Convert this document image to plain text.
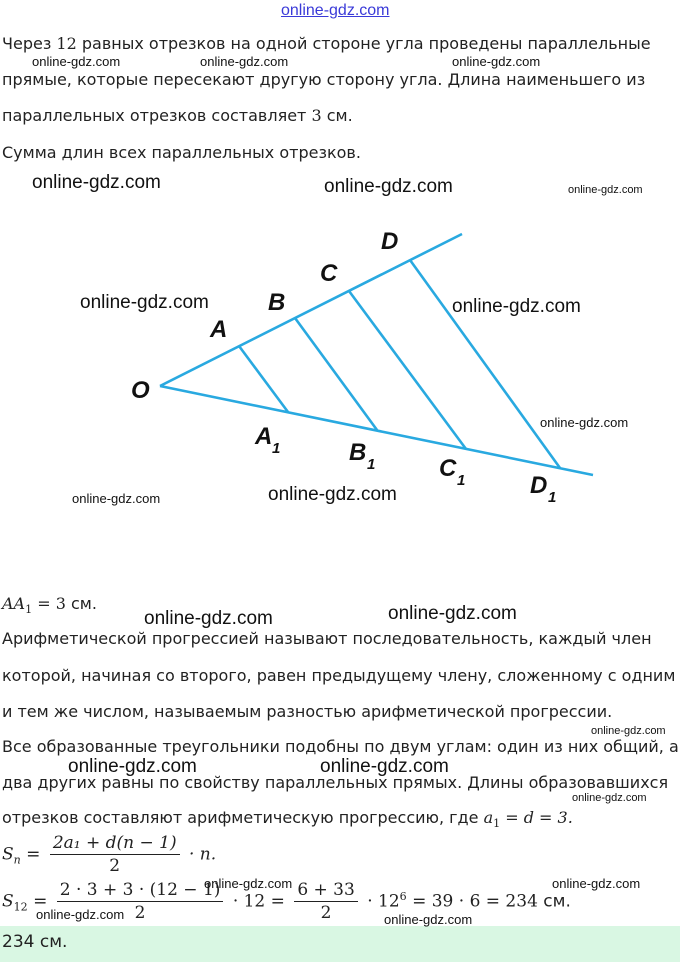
online-gdz.com
Через 12 равных отрезков на одной стороне угла проведены параллельные
прямые, которые пересекают другую сторону угла. Длина наименьшего из
параллельных отрезков составляет 3 см.
Сумма длин всех параллельных отрезков.
O
A
B
C
D
A 1	B 1	C 1	D 1
$AA_1 = 3$ см.
Арифметической прогрессией называют последовательность, каждый член
которой, начиная со второго, равен предыдущему члену, сложенному с одним
и тем же числом, называемым разностью арифметической прогрессии.
Все образованные треугольники подобны по двум углам: один из них общий, а
два других равны по свойству параллельных прямых. Длины образовавшихся
отрезков составляют арифметическую прогрессию, где $a_1 = d = 3$.
$S_n = \frac{\text{2a₁ + d(n − 1)}}{2} \cdot n$.
$S_{12} = \frac{2 \cdot 3 + 3 \cdot (12 - 1)}{2} \cdot 12 = \frac{6 + 33}{2} \cdot 12^6 = 39 \cdot 6 = 234$ см.
234 см.
online-gdz.com	online-gdz.com	online-gdz.com
online-gdz.com	online-gdz.com	online-gdz.com
online-gdz.com	online-gdz.com
online-gdz.com
online-gdz.com	online-gdz.com
online-gdz.com	online-gdz.com
online-gdz.com
online-gdz.com	online-gdz.com
online-gdz.com
online-gdz.com	online-gdz.com
online-gdz.com	online-gdz.com
